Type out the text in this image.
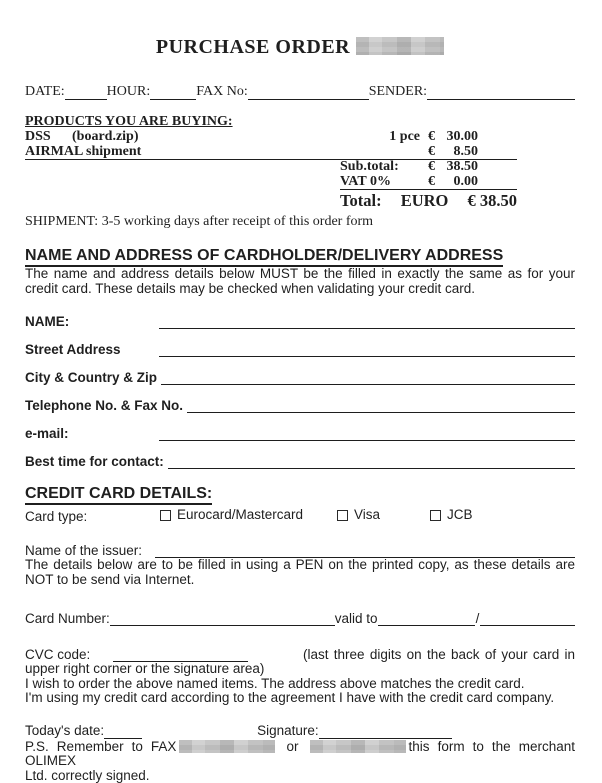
PURCHASE ORDER
DATE:	HOUR:	FAX No:	SENDER:
PRODUCTS YOU ARE BUYING:
DSS (board.zip)	1 pce € 30.00
AIRMAL shipment	€	8.50
Sub.total:	€ 38.50
VAT 0%	€	0.00
Total: EURO € 38.50
SHIPMENT: 3-5 working days after receipt of this order form
NAME AND ADDRESS OF CARDHOLDER/DELIVERY ADDRESS

The name and address details below MUST be the filled in exactly the same as for your credit card. These details may be checked when validating your credit card.

NAME:
Street Address
City & Country & Zip
Telephone No. & Fax No.
e-mail:
Best time for contact:
CREDIT CARD DETAILS:
Card type:	Eurocard/Mastercard	Visa	JCB
Name of the issuer:

The details below are to be filled in using a PEN on the printed copy, as these details are NOT to be send via Internet.

Card Number:	valid to	/
CVC code:	(last three digits on the back of your card in

upper right corner or the signature area)

I wish to order the above named items. The address above matches the credit card.

I'm using my credit card according to the agreement I have with the credit card company.

Today's date:	Signature:

P.S. Remember to FAX	or	this form to the merchant OLIMEX
Ltd. correctly signed.
